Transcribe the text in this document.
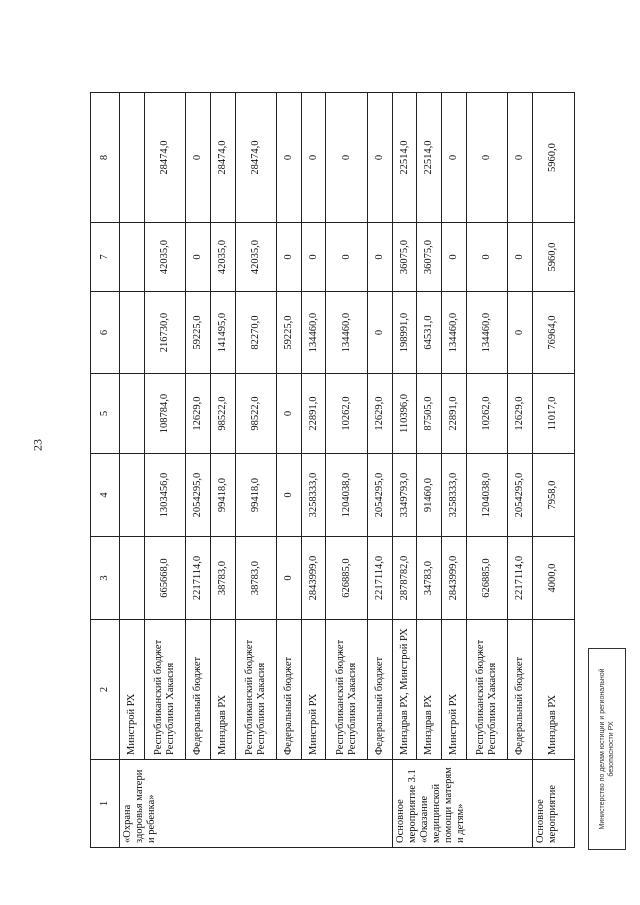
23
1	2	3	4	5	6	7	8
«Охрана здоровья матери и ребенка»	Минстрой РХ						
	Республиканский бюджет Республики Хакасия	665668,0	1303456,0	108784,0	216730,0	42035,0	28474,0
	Федеральный бюджет	2217114,0	2054295,0	12629,0	59225,0	0	0
	Минздрав РХ	38783,0	99418,0	98522,0	141495,0	42035,0	28474,0
	Республиканский бюджет Республики Хакасия	38783,0	99418,0	98522,0	82270,0	42035,0	28474,0
	Федеральный бюджет	0	0	0	59225,0	0	0
	Минстрой РХ	2843999,0	3258333,0	22891,0	134460,0	0	0
	Республиканский бюджет Республики Хакасия	626885,0	1204038,0	10262,0	134460,0	0	0
	Федеральный бюджет	2217114,0	2054295,0	12629,0	0	0	0
Основное мероприятие 3.1 «Оказание медицинской помощи матерям и детям»	Минздрав РХ, Минстрой РХ	2878782,0	3349793,0	110396,0	198991,0	36075,0	22514,0
	Минздрав РХ	34783,0	91460,0	87505,0	64531,0	36075,0	22514,0
	Минстрой РХ	2843999,0	3258333,0	22891,0	134460,0	0	0
	Республиканский бюджет Республики Хакасия	626885,0	1204038,0	10262,0	134460,0	0	0
	Федеральный бюджет	2217114,0	2054295,0	12629,0	0	0	0
Основное мероприятие	Минздрав РХ	4000,0	7958,0	11017,0	76964,0	5960,0	5960,0
Министерство по делам юстиции и региональной безопасности РХ
